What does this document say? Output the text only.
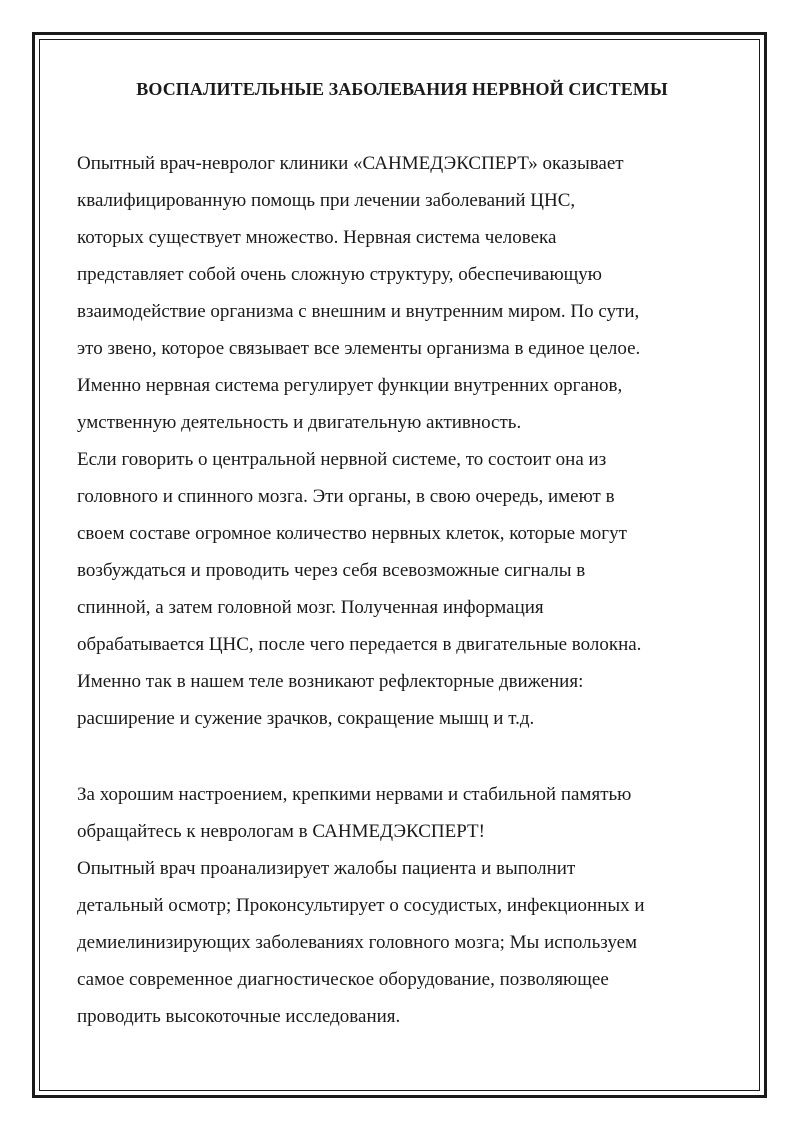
ВОСПАЛИТЕЛЬНЫЕ ЗАБОЛЕВАНИЯ НЕРВНОЙ СИСТЕМЫ
Опытный врач-невролог клиники «САНМЕДЭКСПЕРТ» оказывает
квалифицированную помощь при лечении заболеваний ЦНС,
которых существует множество. Нервная система человека
представляет собой очень сложную структуру, обеспечивающую
взаимодействие организма с внешним и внутренним миром. По сути,
это звено, которое связывает все элементы организма в единое целое.
Именно нервная система регулирует функции внутренних органов,
умственную деятельность и двигательную активность.
Если говорить о центральной нервной системе, то состоит она из
головного и спинного мозга. Эти органы, в свою очередь, имеют в
своем составе огромное количество нервных клеток, которые могут
возбуждаться и проводить через себя всевозможные сигналы в
спинной, а затем головной мозг. Полученная информация
обрабатывается ЦНС, после чего передается в двигательные волокна.
Именно так в нашем теле возникают рефлекторные движения:
расширение и сужение зрачков, сокращение мышц и т.д.
За хорошим настроением, крепкими нервами и стабильной памятью
обращайтесь к неврологам в САНМЕДЭКСПЕРТ!
Опытный врач проанализирует жалобы пациента и выполнит
детальный осмотр; Проконсультирует о сосудистых, инфекционных и
демиелинизирующих заболеваниях головного мозга; Мы используем
самое современное диагностическое оборудование, позволяющее
проводить высокоточные исследования.
